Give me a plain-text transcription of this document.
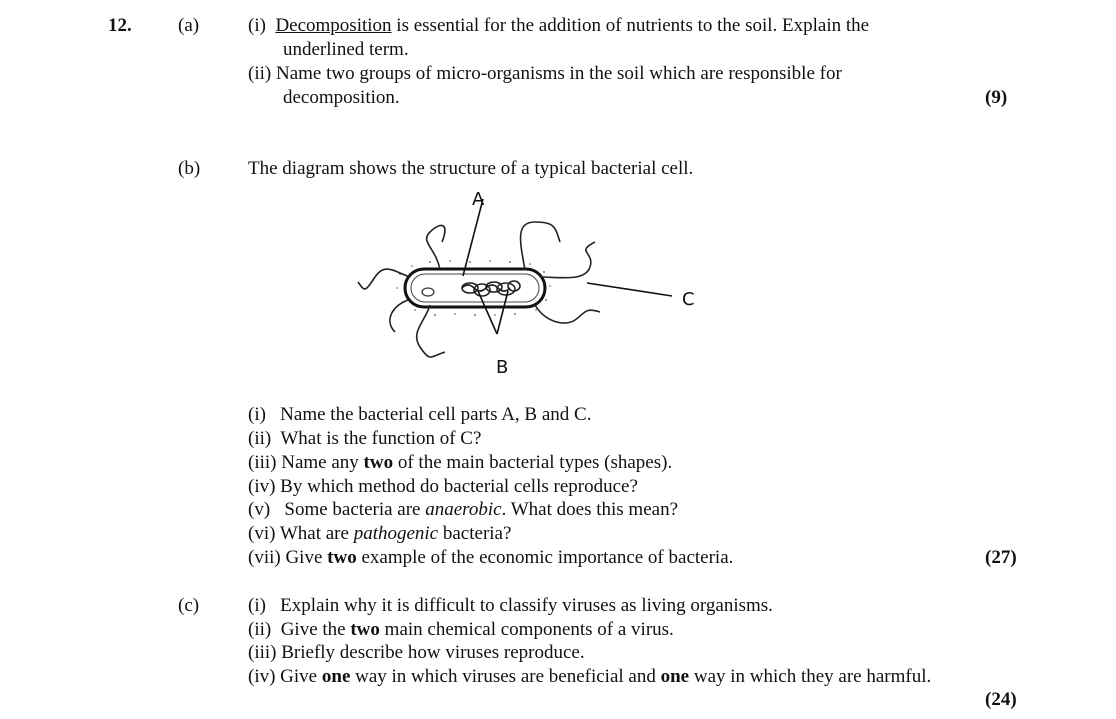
12. (a)	(i) Decomposition is essential for the addition of nutrients to the soil. Explain the
underlined term.
(ii) Name two groups of micro-organisms in the soil which are responsible for
decomposition.	(9)
(b)	The diagram shows the structure of a typical bacterial cell.
A
B
C
(i)   Name the bacterial cell parts A, B and C.
(ii)  What is the function of C?
(iii) Name any two of the main bacterial types (shapes).
(iv) By which method do bacterial cells reproduce?
(v)   Some bacteria are anaerobic. What does this mean?
(vi) What are pathogenic bacteria?
(vii) Give two example of the economic importance of bacteria.	(27)
(c)	(i)   Explain why it is difficult to classify viruses as living organisms.
(ii)  Give the two main chemical components of a virus.
(iii) Briefly describe how viruses reproduce.
(iv) Give one way in which viruses are beneficial and one way in which they are harmful.
(24)
